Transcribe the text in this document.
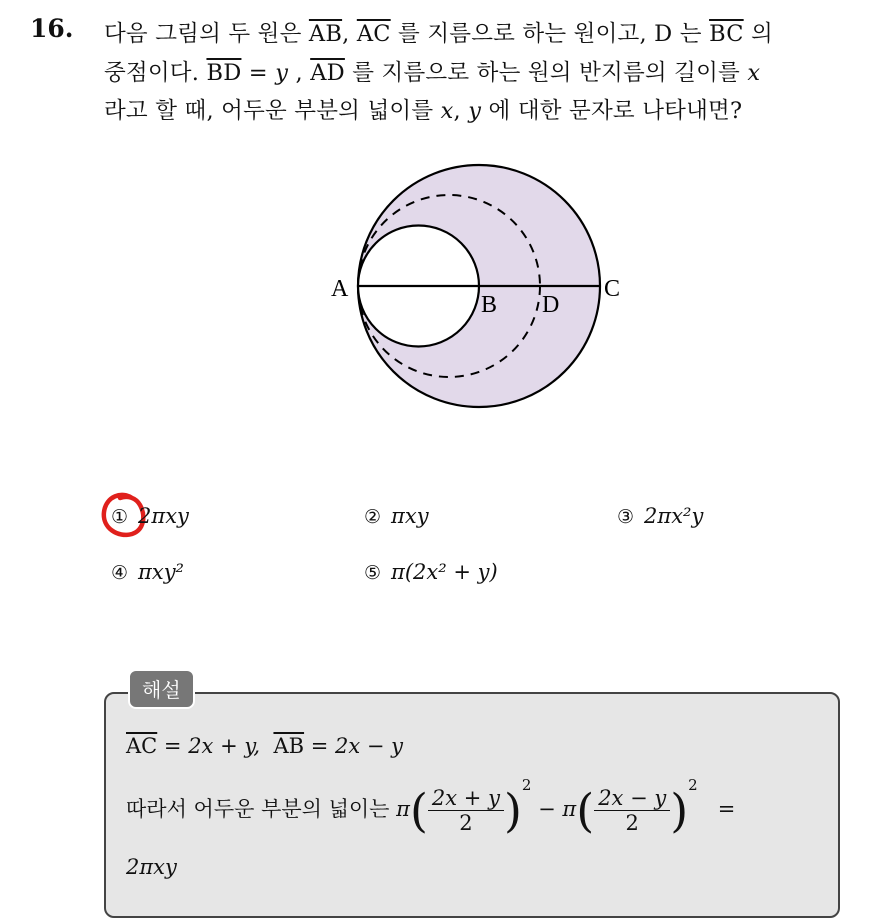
16. 다음 그림의 두 원은 $\overline{AB}$, $\overline{AC}$ 를 지름으로 하는 원이고, D 는 $\overline{BC}$ 의
중점이다. $\overline{BD} = y$ , $\overline{AD}$ 를 지름으로 하는 원의 반지름의 길이를 x
라고 할 때, 어두운 부분의 넓이를 x, y 에 대한 문자로 나타내면?
A
B D
C
① 2πxy	② πxy	③ 2πx²y
④ πxy²	⑤ π(2x² + y)
해설
$\overline{AC} = 2x + y$, $\overline{AB} = 2x - y$
따라서 어두운 부분의 넓이는 $\pi( \frac{2x + y}{2} )^2 - \pi( \frac{2x - y}{2} )^2$   =
2πxy
